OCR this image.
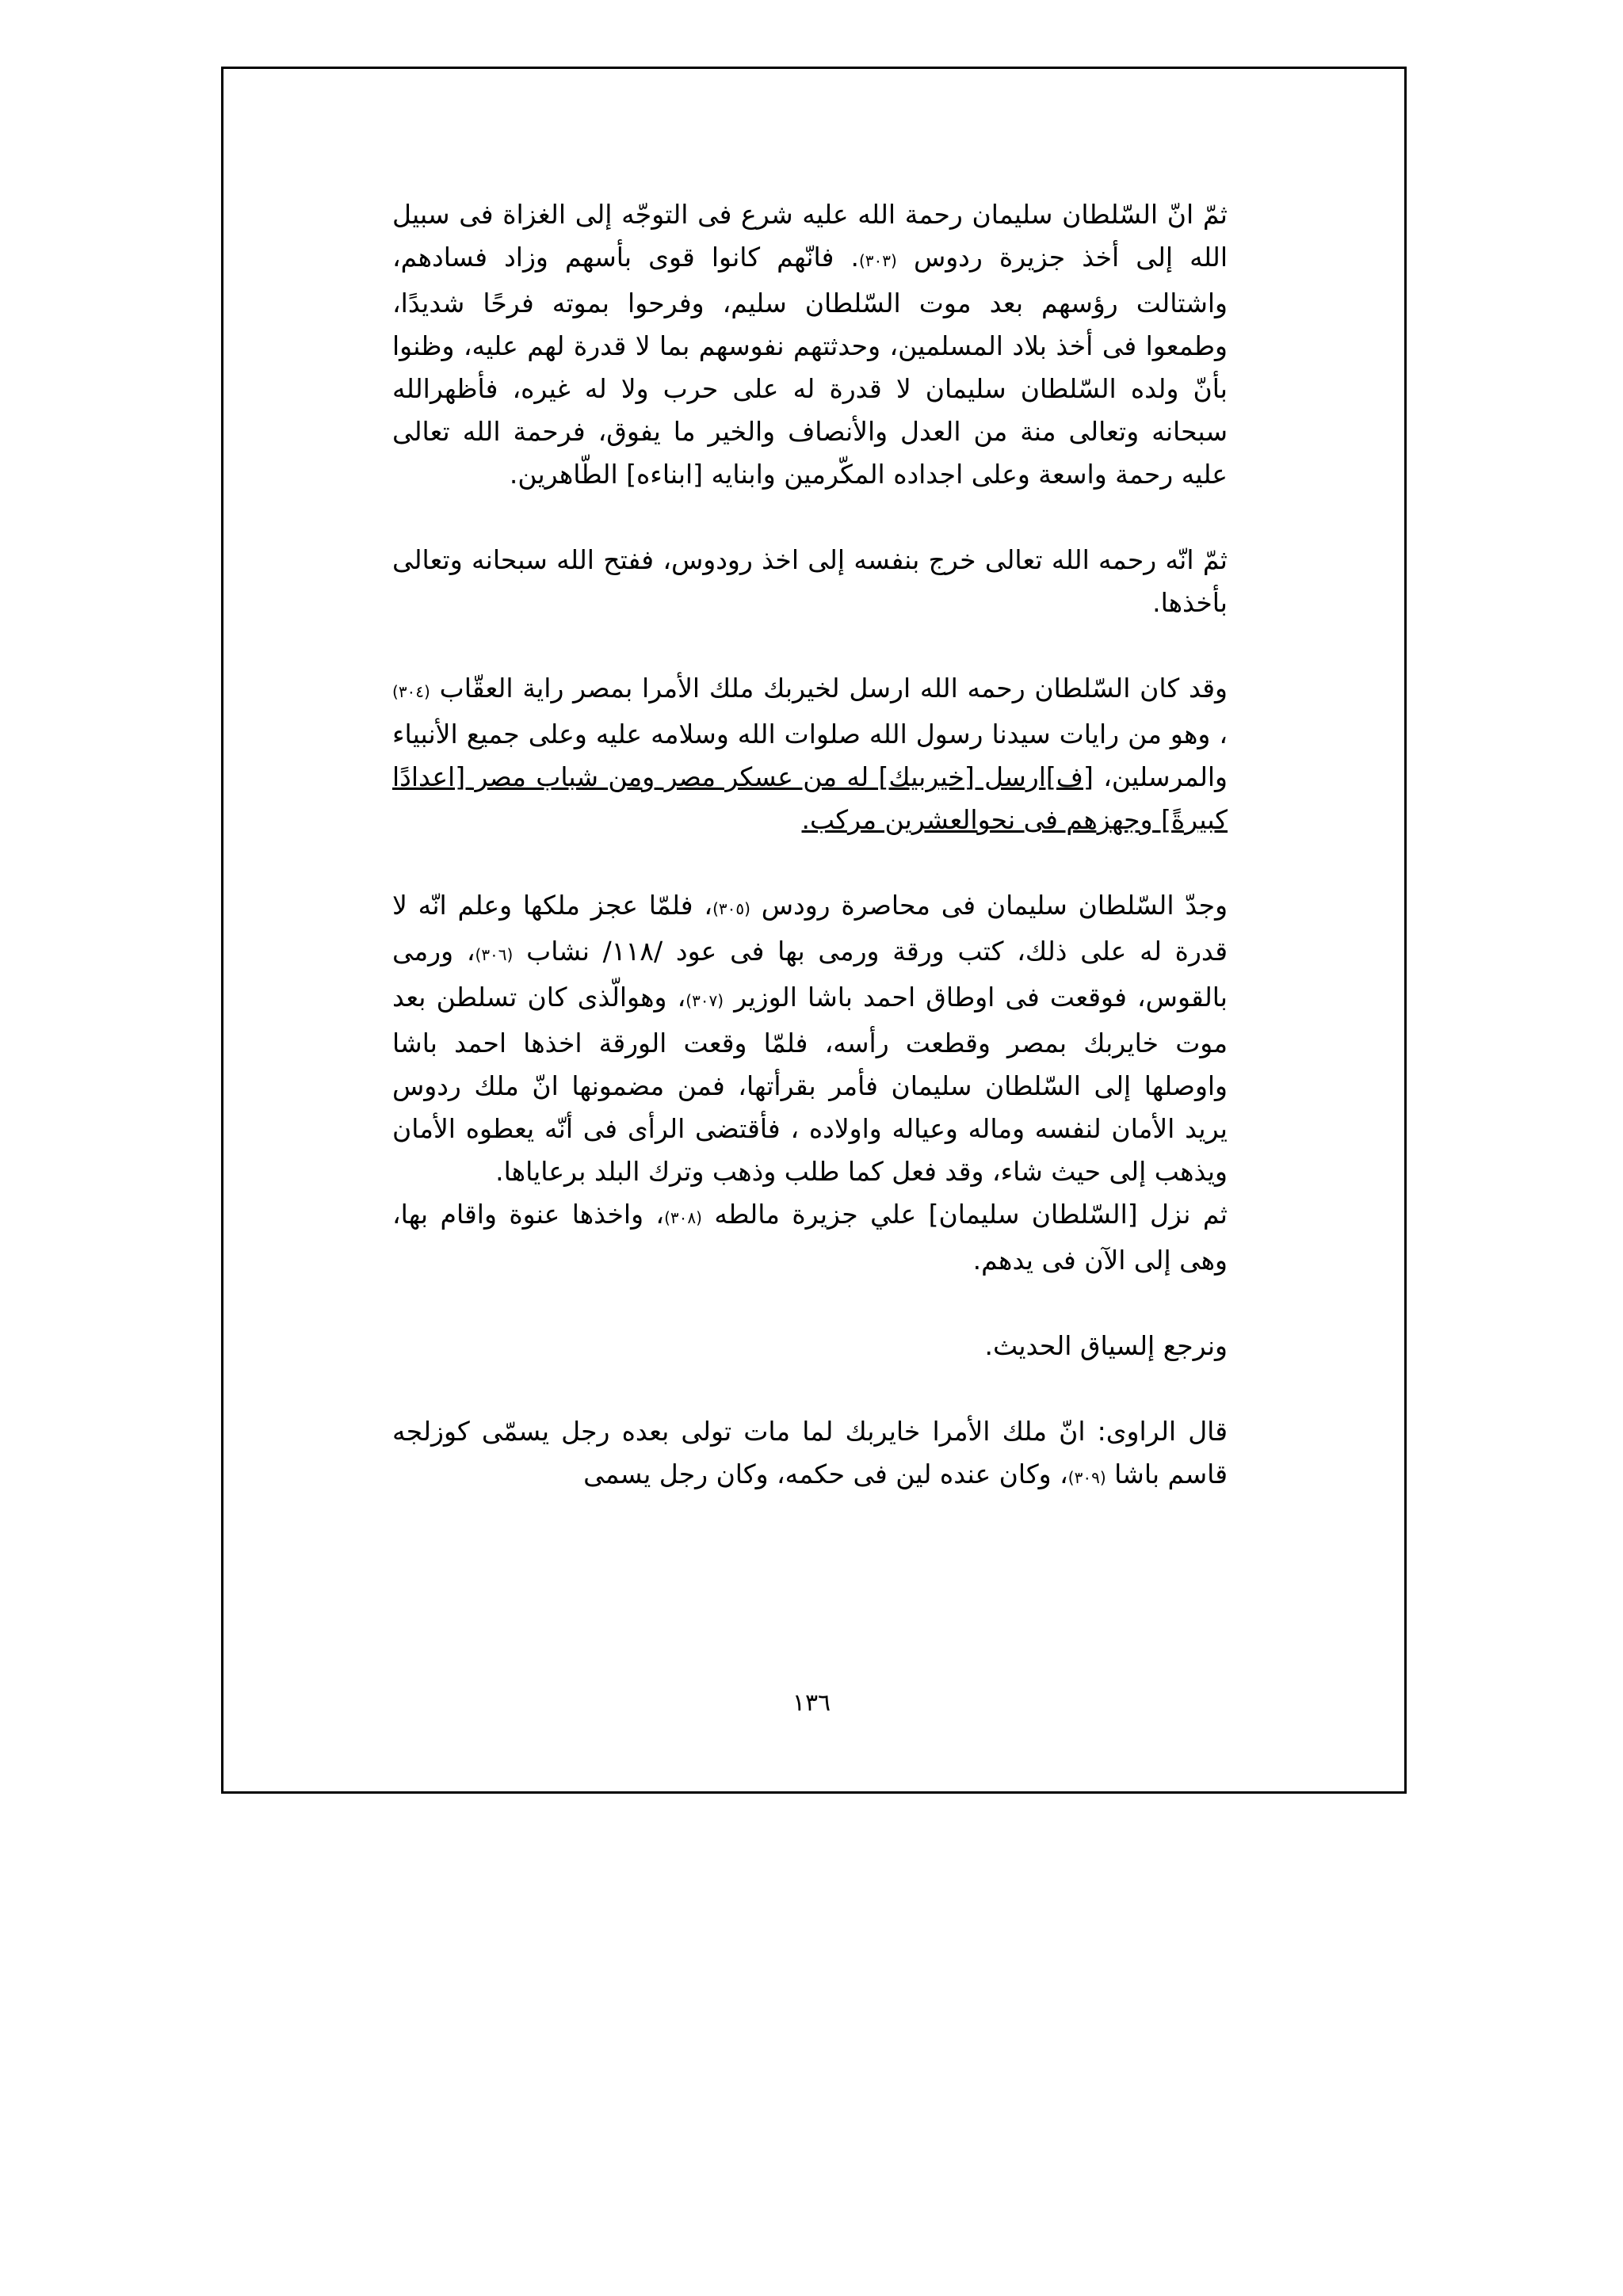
ثمّ انّ السّلطان سليمان رحمة الله عليه شرع فى التوجّه إلى الغزاة فى سبيل الله إلى أخذ جزيرة ردوس (٣٠٣). فانّهم كانوا قوى بأسهم وزاد فسادهم، واشتالت رؤسهم بعد موت السّلطان سليم، وفرحوا بموته فرحًا شديدًا، وطمعوا فى أخذ بلاد المسلمين، وحدثتهم نفوسهم بما لا قدرة لهم عليه، وظنوا بأنّ ولده السّلطان سليمان لا قدرة له على حرب ولا له غيره، فأظهرالله سبحانه وتعالى منة من العدل والأنصاف والخير ما يفوق، فرحمة الله تعالى عليه رحمة واسعة وعلى اجداده المكّرمين وابنايه [ابناءه] الطّاهرين.

ثمّ انّه رحمه الله تعالى خرج بنفسه إلى اخذ رودوس، ففتح الله سبحانه وتعالى بأخذها.

وقد كان السّلطان رحمه الله ارسل لخيربك ملك الأمرا بمصر راية العقّاب (٣٠٤) ، وهو من رايات سيدنا رسول الله صلوات الله وسلامه عليه وعلى جميع الأنبياء والمرسلين، [ف]ارسل [خيربيك] له من عسكر مصر ومن شباب مصر [اعدادًا كبيرةً] وجهزهم فى نحوالعشرين مركب.

وجدّ السّلطان سليمان فى محاصرة رودس (٣٠٥)، فلمّا عجز ملكها وعلم انّه لا قدرة له على ذلك، كتب ورقة ورمى بها فى عود /١١٨/ نشاب (٣٠٦)، ورمى بالقوس، فوقعت فى اوطاق احمد باشا الوزير (٣٠٧)، وهوالّذى كان تسلطن بعد موت خايربك بمصر وقطعت رأسه، فلمّا وقعت الورقة اخذها احمد باشا واوصلها إلى السّلطان سليمان فأمر بقرأتها، فمن مضمونها انّ ملك ردوس يريد الأمان لنفسه وماله وعياله واولاده ، فأقتضى الرأى فى أنّه يعطوه الأمان ويذهب إلى حيث شاء، وقد فعل كما طلب وذهب وترك البلد برعاياها.

ثم نزل [السّلطان سليمان] علي جزيرة مالطه (٣٠٨)، واخذها عنوة واقام بها، وهى إلى الآن فى يدهم.

ونرجع إلسياق الحديث.

قال الراوى: انّ ملك الأمرا خايربك لما مات تولى بعده رجل يسمّى كوزلجه قاسم باشا (٣٠٩)، وكان عنده لين فى حكمه، وكان رجل يسمى

١٣٦
